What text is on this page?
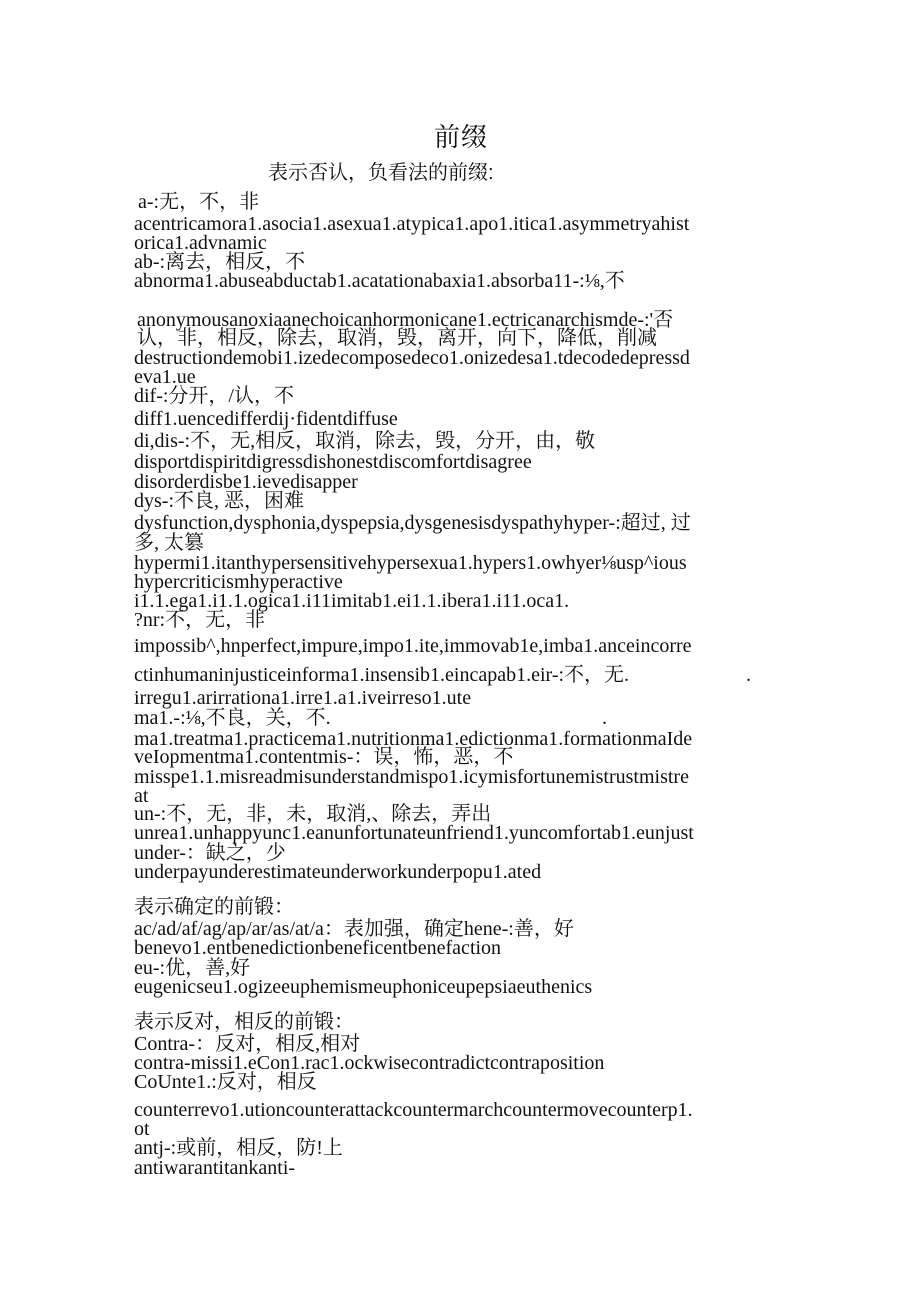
前缀
表示否认，负看法的前缀:
a-:无，不，非
acentricamora1.asocia1.asexua1.atypica1.apo1.itica1.asymmetryahist
orica1.advnamic
ab-:离去，相反，不
abnorma1.abuseabductab1.acatationabaxia1.absorba11-:⅛,不
anonymousanoxiaanechoicanhormonicane1.ectricanarchismde-:'否
认，非，相反，除去，取消，毁，离开，向下，降低，削减
destructiondemobi1.izedecomposedeco1.onizedesa1.tdecodedepressd
eva1.ue
dif-:分开，/认，不
diff1.uencedifferdij·fidentdiffuse
di,dis-:不，无,相反，取消，除去，毁，分开，由，敬
disportdispiritdigressdishonestdiscomfortdisagree
disorderdisbe1.ievedisapper
dys-:不良, 恶，困难
dysfunction,dysphonia,dyspepsia,dysgenesisdyspathyhyper-:超过, 过
多, 太篡
hypermi1.itanthypersensitivehypersexua1.hypers1.owhyer⅛usp^ious
hypercriticismhyperactive
i1.1.ega1.i1.1.ogica1.i11imitab1.ei1.1.ibera1.i11.oca1.
?nr:不，无，非
impossib^,hnperfect,impure,impo1.ite,immovab1e,imba1.anceincorre
ctinhumaninjusticeinforma1.insensib1.eincapab1.eir-:不，无.
irregu1.arirrationa1.irre1.a1.iveirreso1.ute
ma1.-:⅛,不良，关，不.
ma1.treatma1.practicema1.nutritionma1.edictionma1.formationmaIde
veIopmentma1.contentmis-：误，怖，恶，不
misspe1.1.misreadmisunderstandmispo1.icymisfortunemistrustmistre
at
un-:不，无，非，未，取消,、除去，弄出
unrea1.unhappyunc1.eanunfortunateunfriend1.yuncomfortab1.eunjust
under-：缺之，少
underpayunderestimateunderworkunderpopu1.ated
表示确定的前锻：
ac/ad/af/ag/ap/ar/as/at/a：表加强，确定hene-:善，好
benevo1.entbenedictionbeneficentbenefaction
eu-:优，善,好
eugenicseu1.ogizeeuphemismeuphoniceupepsiaeuthenics
表示反对，相反的前锻：
Contra-：反对，相反,相对
contra-missi1.eCon1.rac1.ockwisecontradictcontraposition
CoUnte1.:反对，相反
counterrevo1.utioncounterattackcountermarchcountermovecounterp1.
ot
antj-:或前，相反，防!上
antiwarantitankanti-
.
.
